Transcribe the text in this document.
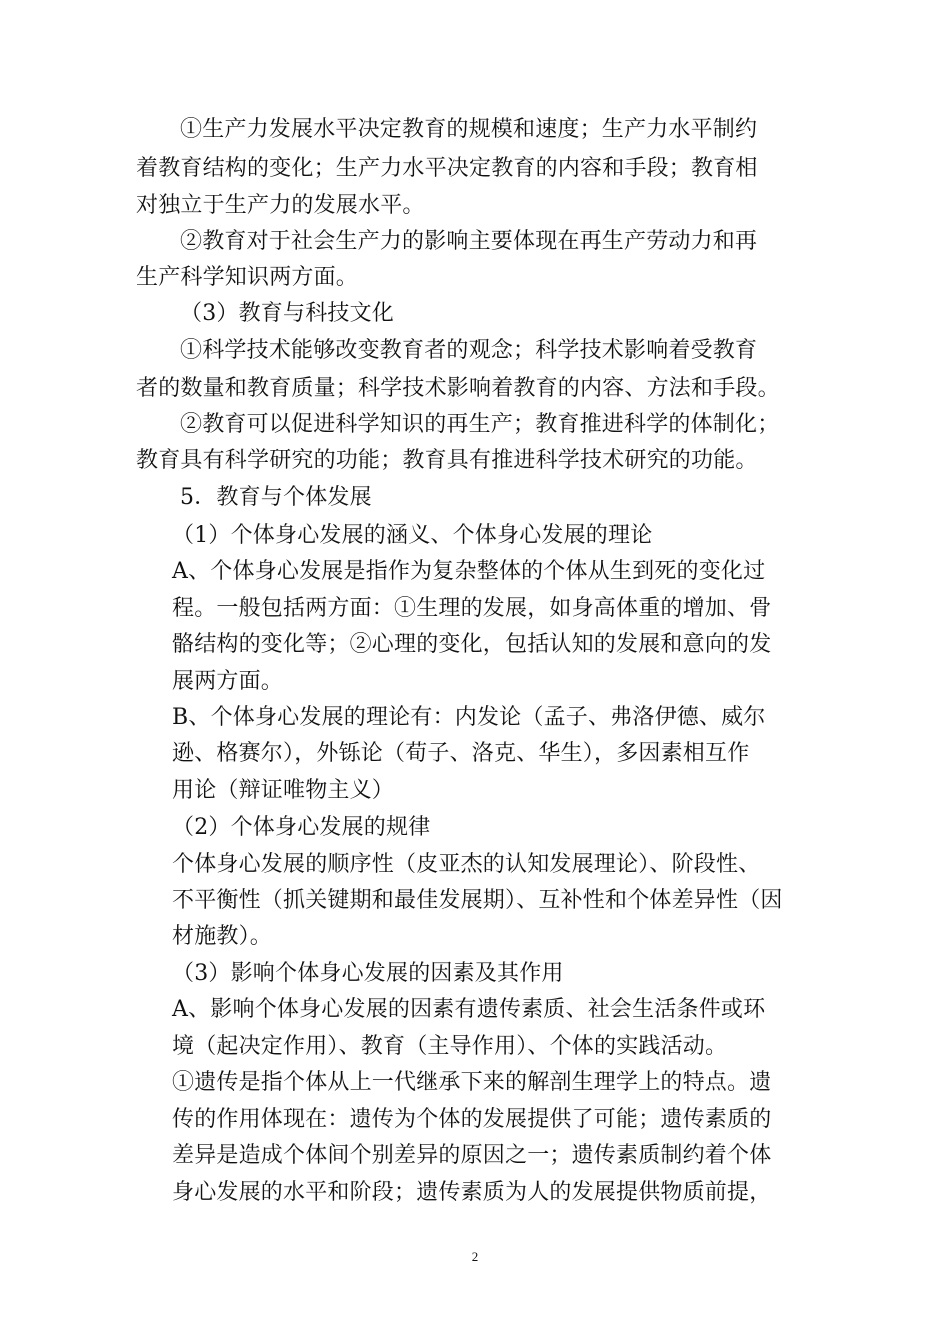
①生产力发展水平决定教育的规模和速度；生产力水平制约
着教育结构的变化；生产力水平决定教育的内容和手段；教育相
对独立于生产力的发展水平。
②教育对于社会生产力的影响主要体现在再生产劳动力和再
生产科学知识两方面。
（3）教育与科技文化
①科学技术能够改变教育者的观念；科学技术影响着受教育
者的数量和教育质量；科学技术影响着教育的内容、方法和手段。
②教育可以促进科学知识的再生产；教育推进科学的体制化；
教育具有科学研究的功能；教育具有推进科学技术研究的功能。
5．教育与个体发展
（1）个体身心发展的涵义、个体身心发展的理论
A、个体身心发展是指作为复杂整体的个体从生到死的变化过
程。一般包括两方面：①生理的发展，如身高体重的增加、骨
骼结构的变化等；②心理的变化，包括认知的发展和意向的发
展两方面。
B、个体身心发展的理论有：内发论（孟子、弗洛伊德、威尔
逊、格赛尔），外铄论（荀子、洛克、华生），多因素相互作
用论（辩证唯物主义）
（2）个体身心发展的规律
个体身心发展的顺序性（皮亚杰的认知发展理论）、阶段性、
不平衡性（抓关键期和最佳发展期）、互补性和个体差异性（因
材施教）。
（3）影响个体身心发展的因素及其作用
A、影响个体身心发展的因素有遗传素质、社会生活条件或环
境（起决定作用）、教育（主导作用）、个体的实践活动。
①遗传是指个体从上一代继承下来的解剖生理学上的特点。遗
传的作用体现在：遗传为个体的发展提供了可能；遗传素质的
差异是造成个体间个别差异的原因之一；遗传素质制约着个体
身心发展的水平和阶段；遗传素质为人的发展提供物质前提，
2
